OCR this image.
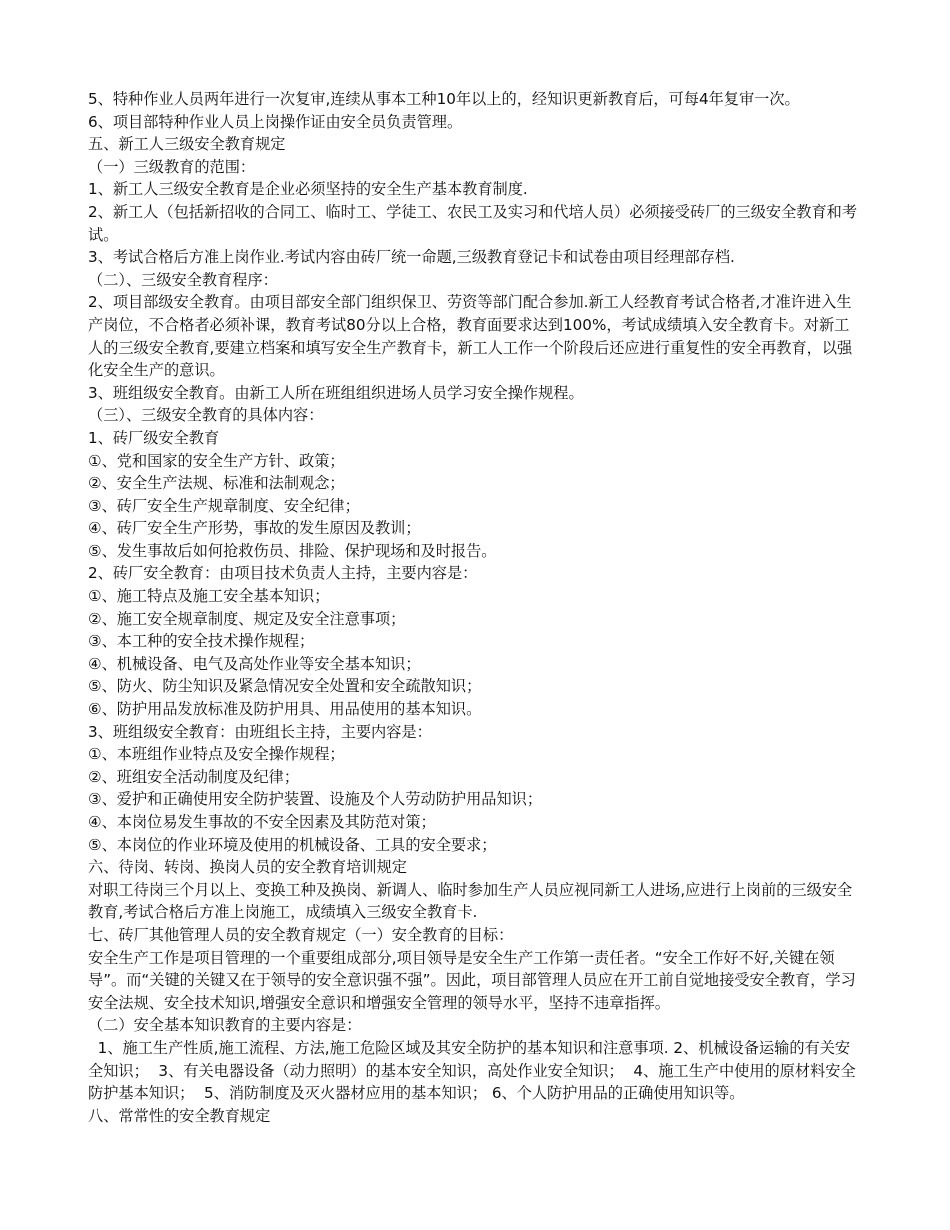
5、特种作业人员两年进行一次复审,连续从事本工种10年以上的，经知识更新教育后，可每4年复审一次。

6、项目部特种作业人员上岗操作证由安全员负责管理。

五、新工人三级安全教育规定

（一）三级教育的范围：

1、新工人三级安全教育是企业必须坚持的安全生产基本教育制度.

2、新工人（包括新招收的合同工、临时工、学徒工、农民工及实习和代培人员）必须接受砖厂的三级安全教育和考试。

3、考试合格后方准上岗作业.考试内容由砖厂统一命题,三级教育登记卡和试卷由项目经理部存档.

（二）、三级安全教育程序：

2、项目部级安全教育。由项目部安全部门组织保卫、劳资等部门配合参加.新工人经教育考试合格者,才准许进入生产岗位，不合格者必须补课，教育考试80分以上合格，教育面要求达到100%，考试成绩填入安全教育卡。对新工人的三级安全教育,要建立档案和填写安全生产教育卡，新工人工作一个阶段后还应进行重复性的安全再教育，以强化安全生产的意识。

3、班组级安全教育。由新工人所在班组组织进场人员学习安全操作规程。

（三）、三级安全教育的具体内容：

1、砖厂级安全教育

①、党和国家的安全生产方针、政策；

②、安全生产法规、标准和法制观念；

③、砖厂安全生产规章制度、安全纪律；

④、砖厂安全生产形势，事故的发生原因及教训；

⑤、发生事故后如何抢救伤员、排险、保护现场和及时报告。

2、砖厂安全教育：由项目技术负责人主持，主要内容是：

①、施工特点及施工安全基本知识；

②、施工安全规章制度、规定及安全注意事项；

③、本工种的安全技术操作规程；

④、机械设备、电气及高处作业等安全基本知识；

⑤、防火、防尘知识及紧急情况安全处置和安全疏散知识；

⑥、防护用品发放标准及防护用具、用品使用的基本知识。

3、班组级安全教育：由班组长主持，主要内容是：

①、本班组作业特点及安全操作规程；

②、班组安全活动制度及纪律；

③、爱护和正确使用安全防护装置、设施及个人劳动防护用品知识；

④、本岗位易发生事故的不安全因素及其防范对策；

⑤、本岗位的作业环境及使用的机械设备、工具的安全要求；

六、待岗、转岗、换岗人员的安全教育培训规定

对职工待岗三个月以上、变换工种及换岗、新调人、临时参加生产人员应视同新工人进场,应进行上岗前的三级安全教育,考试合格后方准上岗施工，成绩填入三级安全教育卡.

七、砖厂其他管理人员的安全教育规定（一）安全教育的目标：

安全生产工作是项目管理的一个重要组成部分,项目领导是安全生产工作第一责任者。“安全工作好不好,关键在领导”。而“关键的关键又在于领导的安全意识强不强”。因此，项目部管理人员应在开工前自觉地接受安全教育，学习安全法规、安全技术知识,增强安全意识和增强安全管理的领导水平，坚持不违章指挥。

（二）安全基本知识教育的主要内容是：

1、施工生产性质,施工流程、方法,施工危险区域及其安全防护的基本知识和注意事项. 2、机械设备运输的有关安全知识；  3、有关电器设备（动力照明）的基本安全知识，高处作业安全知识；  4、施工生产中使用的原材料安全防护基本知识；  5、消防制度及灭火器材应用的基本知识； 6、个人防护用品的正确使用知识等。

八、常常性的安全教育规定
